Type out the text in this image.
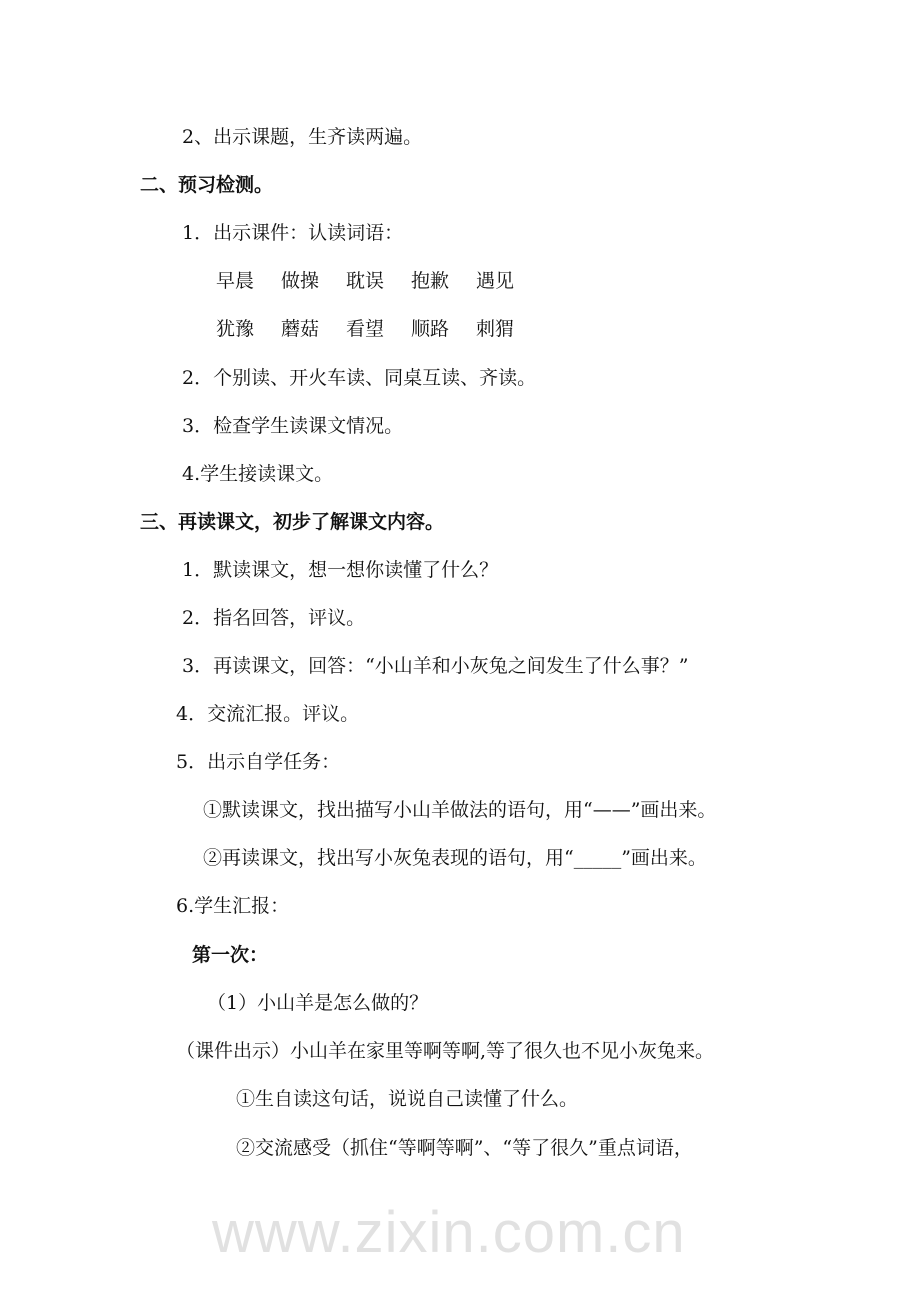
2、出示课题，生齐读两遍。
二、预习检测。
1．出示课件：认读词语：
早晨 做操 耽误 抱歉 遇见
犹豫 蘑菇 看望 顺路 刺猬
2．个别读、开火车读、同桌互读、齐读。
3．检查学生读课文情况。
4.学生接读课文。
三、再读课文，初步了解课文内容。
1．默读课文，想一想你读懂了什么？
2．指名回答，评议。
3．再读课文，回答：“小山羊和小灰兔之间发生了什么事？”
4．交流汇报。评议。
5．出示自学任务：
①默读课文，找出描写小山羊做法的语句，用“——”画出来。
②再读课文，找出写小灰兔表现的语句，用“_____”画出来。
6.学生汇报：
第一次：
（1）小山羊是怎么做的？
（课件出示）小山羊在家里等啊等啊,等了很久也不见小灰兔来。
①生自读这句话，说说自己读懂了什么。
②交流感受（抓住“等啊等啊”、“等了很久”重点词语，
www.zixin.com.cn
